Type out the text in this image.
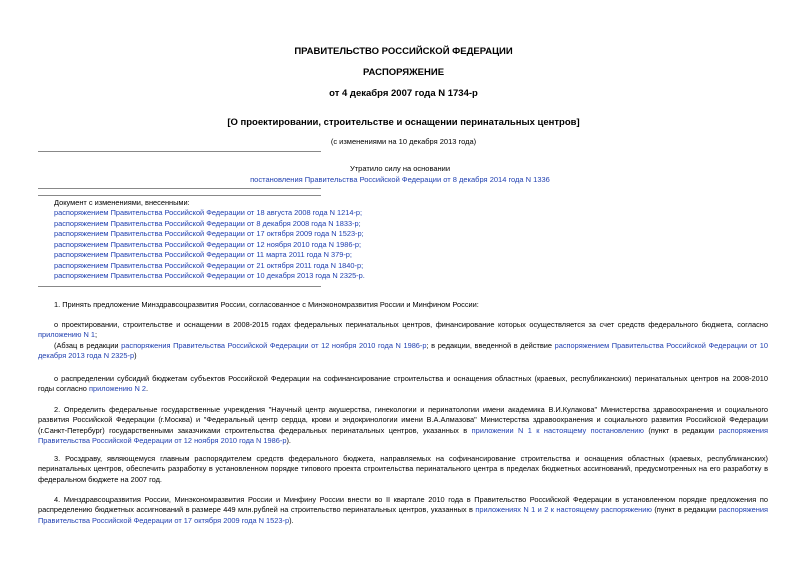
ПРАВИТЕЛЬСТВО РОССИЙСКОЙ ФЕДЕРАЦИИ
РАСПОРЯЖЕНИЕ
от 4 декабря 2007 года N 1734-р
[О проектировании, строительстве и оснащении перинатальных центров]
(с изменениями на 10 декабря 2013 года)
Утратило силу на основании
постановления Правительства Российской Федерации от 8 декабря 2014 года N 1336
Документ с изменениями, внесенными:
распоряжением Правительства Российской Федерации от 18 августа 2008 года N 1214-р;
распоряжением Правительства Российской Федерации от 8 декабря 2008 года N 1833-р;
распоряжением Правительства Российской Федерации от 17 октября 2009 года N 1523-р;
распоряжением Правительства Российской Федерации от 12 ноября 2010 года N 1986-р;
распоряжением Правительства Российской Федерации от 11 марта 2011 года N 379-р;
распоряжением Правительства Российской Федерации от 21 октября 2011 года N 1840-р;
распоряжением Правительства Российской Федерации от 10 декабря 2013 года N 2325-р.
1. Принять предложение Минздравсоцразвития России, согласованное с Минэкономразвития России и Минфином России:
о проектировании, строительстве и оснащении в 2008-2015 годах федеральных перинатальных центров, финансирование которых осуществляется за счет средств федерального бюджета, согласно приложению N 1;
(Абзац в редакции распоряжения Правительства Российской Федерации от 12 ноября 2010 года N 1986-р; в редакции, введенной в действие распоряжением Правительства Российской Федерации от 10 декабря 2013 года N 2325-р)
о распределении субсидий бюджетам субъектов Российской Федерации на софинансирование строительства и оснащения областных (краевых, республиканских) перинатальных центров на 2008-2010 годы согласно приложению N 2.
2. Определить федеральные государственные учреждения "Научный центр акушерства, гинекологии и перинатологии имени академика В.И.Кулакова" Министерства здравоохранения и социального развития Российской Федерации (г.Москва) и "Федеральный центр сердца, крови и эндокринологии имени В.А.Алмазова" Министерства здравоохранения и социального развития Российской Федерации (г.Санкт-Петербург) государственными заказчиками строительства федеральных перинатальных центров, указанных в приложении N 1 к настоящему постановлению (пункт в редакции распоряжения Правительства Российской Федерации от 12 ноября 2010 года N 1986-р).
3. Росздраву, являющемуся главным распорядителем средств федерального бюджета, направляемых на софинансирование строительства и оснащения областных (краевых, республиканских) перинатальных центров, обеспечить разработку в установленном порядке типового проекта строительства перинатального центра в пределах бюджетных ассигнований, предусмотренных на его разработку в федеральном бюджете на 2007 год.
4. Минздравсоцразвития России, Минэкономразвития России и Минфину России внести во II квартале 2010 года в Правительство Российской Федерации в установленном порядке предложения по распределению бюджетных ассигнований в размере 449 млн.рублей на строительство перинатальных центров, указанных в приложениях N 1 и 2 к настоящему распоряжению (пункт в редакции распоряжения Правительства Российской Федерации от 17 октября 2009 года N 1523-р).
